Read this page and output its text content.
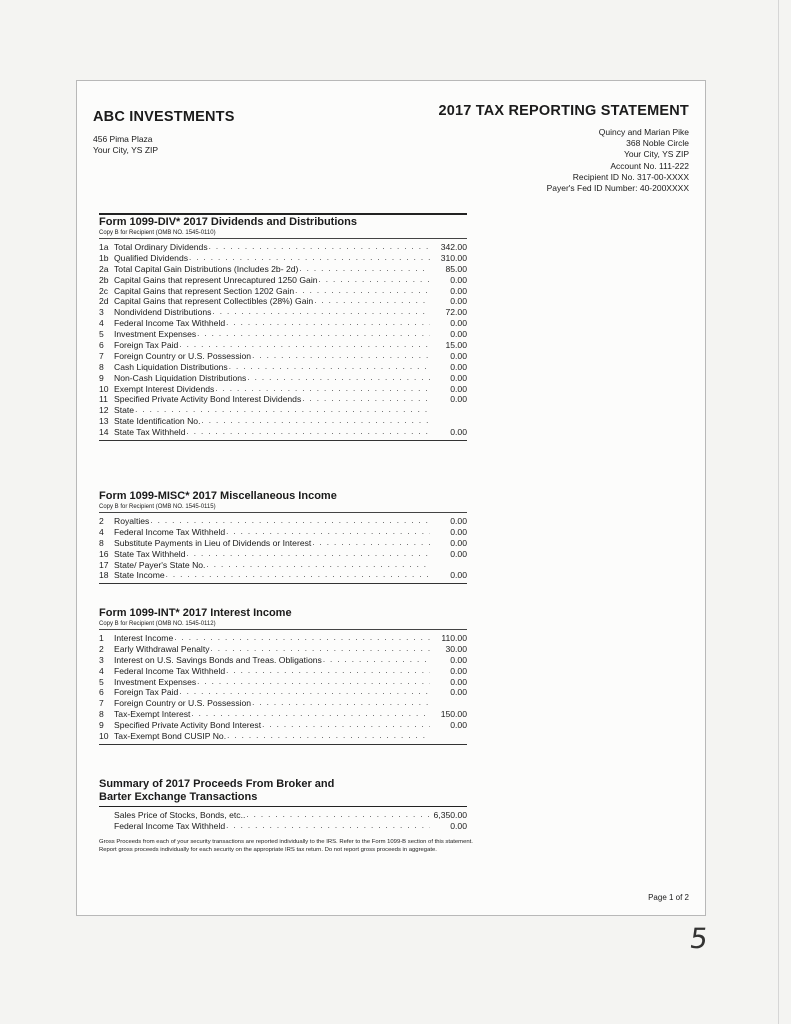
ABC INVESTMENTS
456 Pima Plaza
Your City, YS ZIP
2017 TAX REPORTING STATEMENT
Quincy and Marian Pike
368 Noble Circle
Your City, YS ZIP
Account No. 111-222
Recipient ID No. 317-00-XXXX
Payer's Fed ID Number: 40-200XXXX
Form 1099-DIV* 2017 Dividends and Distributions
Copy B for Recipient (OMB NO. 1545-0110)
1a Total Ordinary Dividends . . .	342.00
1b Qualified Dividends . . .	310.00
2a Total Capital Gain Distributions (Includes 2b- 2d) . . .	85.00
2b Capital Gains that represent Unrecaptured 1250 Gain . . .	0.00
2c Capital Gains that represent Section 1202 Gain . . .	0.00
2d Capital Gains that represent Collectibles (28%) Gain . . .	0.00
3	Nondividend Distributions . . .	72.00
4	Federal Income Tax Withheld . . .	0.00
5	Investment Expenses . . .	0.00
6	Foreign Tax Paid . . .	15.00
7	Foreign Country or U.S. Possession . . .	0.00
8	Cash Liquidation Distributions . . .	0.00
9	Non-Cash Liquidation Distributions . . .	0.00
10 Exempt Interest Dividends . . .	0.00
11 Specified Private Activity Bond Interest Dividends . . .	0.00
12 State
. . .
13 State Identification No.
. . .
14 State Tax Withheld . . .	0.00
Form 1099-MISC* 2017 Miscellaneous Income
Copy B for Recipient (OMB NO. 1545-0115)
2	Royalties . . .	0.00
4	Federal Income Tax Withheld . . .	0.00
8	Substitute Payments in Lieu of Dividends or Interest . . .	0.00
16 State Tax Withheld . . .	0.00
17 State/ Payer's State No.
. . .
18 State Income . . .	0.00
Form 1099-INT* 2017 Interest Income
Copy B for Recipient (OMB NO. 1545-0112)
1	Interest Income . . .	110.00
2	Early Withdrawal Penalty . . .	30.00
3	Interest on U.S. Savings Bonds and Treas. Obligations . . .	0.00
4	Federal Income Tax Withheld . . .	0.00
5	Investment Expenses . . .	0.00
6	Foreign Tax Paid . . .	0.00
7	Foreign Country or U.S. Possession
. . .
8	Tax-Exempt Interest . . .	150.00
9	Specified Private Activity Bond Interest . . .	0.00
10 Tax-Exempt Bond CUSIP No.
. . .
Summary of 2017 Proceeds From Broker and
Barter Exchange Transactions
Sales Price of Stocks, Bonds, etc.. . . .	6,350.00
Federal Income Tax Withheld . . .	0.00
Gross Proceeds from each of your security transactions are reported individually to the IRS. Refer to the Form 1099-B section of this statement.
Report gross proceeds individually for each security on the appropriate IRS tax return. Do not report gross proceeds in aggregate.
Page 1 of 2
5
